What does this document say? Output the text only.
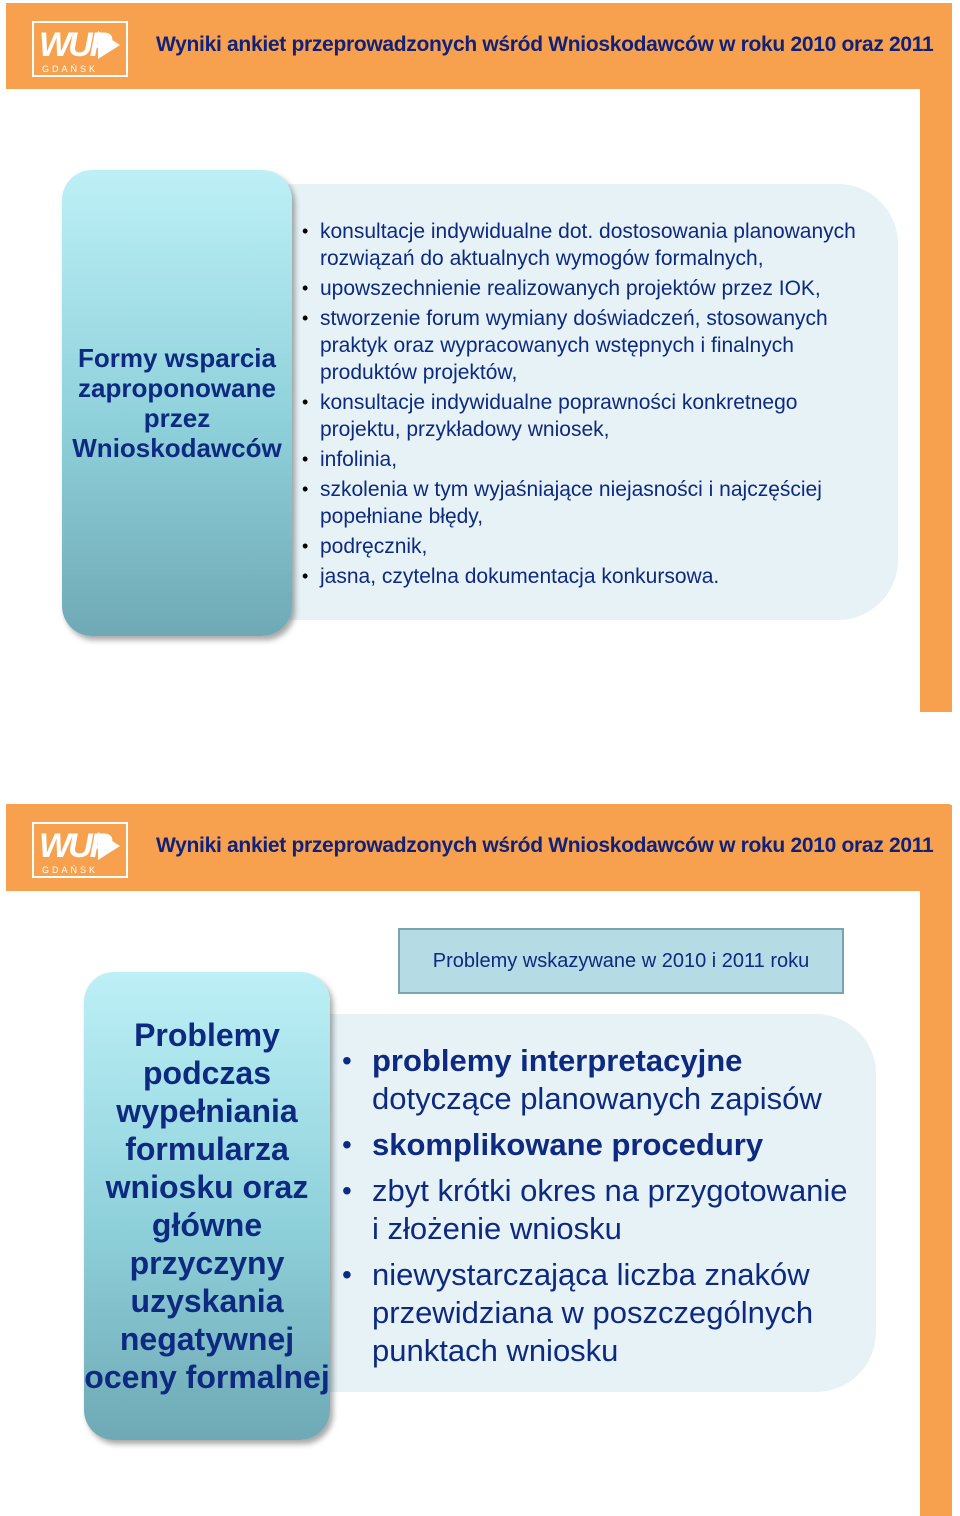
WUP
GDAŃSK
Wyniki ankiet przeprowadzonych wśród Wnioskodawców w roku 2010 oraz 2011
Formy wsparcia zaproponowane przez Wnioskodawców
• konsultacje indywidualne dot. dostosowania planowanych rozwiązań do aktualnych wymogów formalnych,
• upowszechnienie realizowanych projektów przez IOK,
• stworzenie forum wymiany doświadczeń, stosowanych praktyk oraz wypracowanych wstępnych i finalnych produktów projektów,
• konsultacje indywidualne poprawności konkretnego projektu, przykładowy wniosek,
• infolinia,
• szkolenia w tym wyjaśniające niejasności i najczęściej popełniane błędy,
• podręcznik,
• jasna, czytelna dokumentacja konkursowa.
WUP
GDAŃSK
Wyniki ankiet przeprowadzonych wśród Wnioskodawców w roku 2010 oraz 2011
Problemy wskazywane w 2010 i 2011 roku
Problemy podczas wypełniania formularza wniosku oraz główne przyczyny uzyskania negatywnej oceny formalnej
• problemy interpretacyjne
dotyczące planowanych zapisów
• skomplikowane procedury
• zbyt krótki okres na przygotowanie i złożenie wniosku
• niewystarczająca liczba znaków przewidziana w poszczególnych punktach wniosku
